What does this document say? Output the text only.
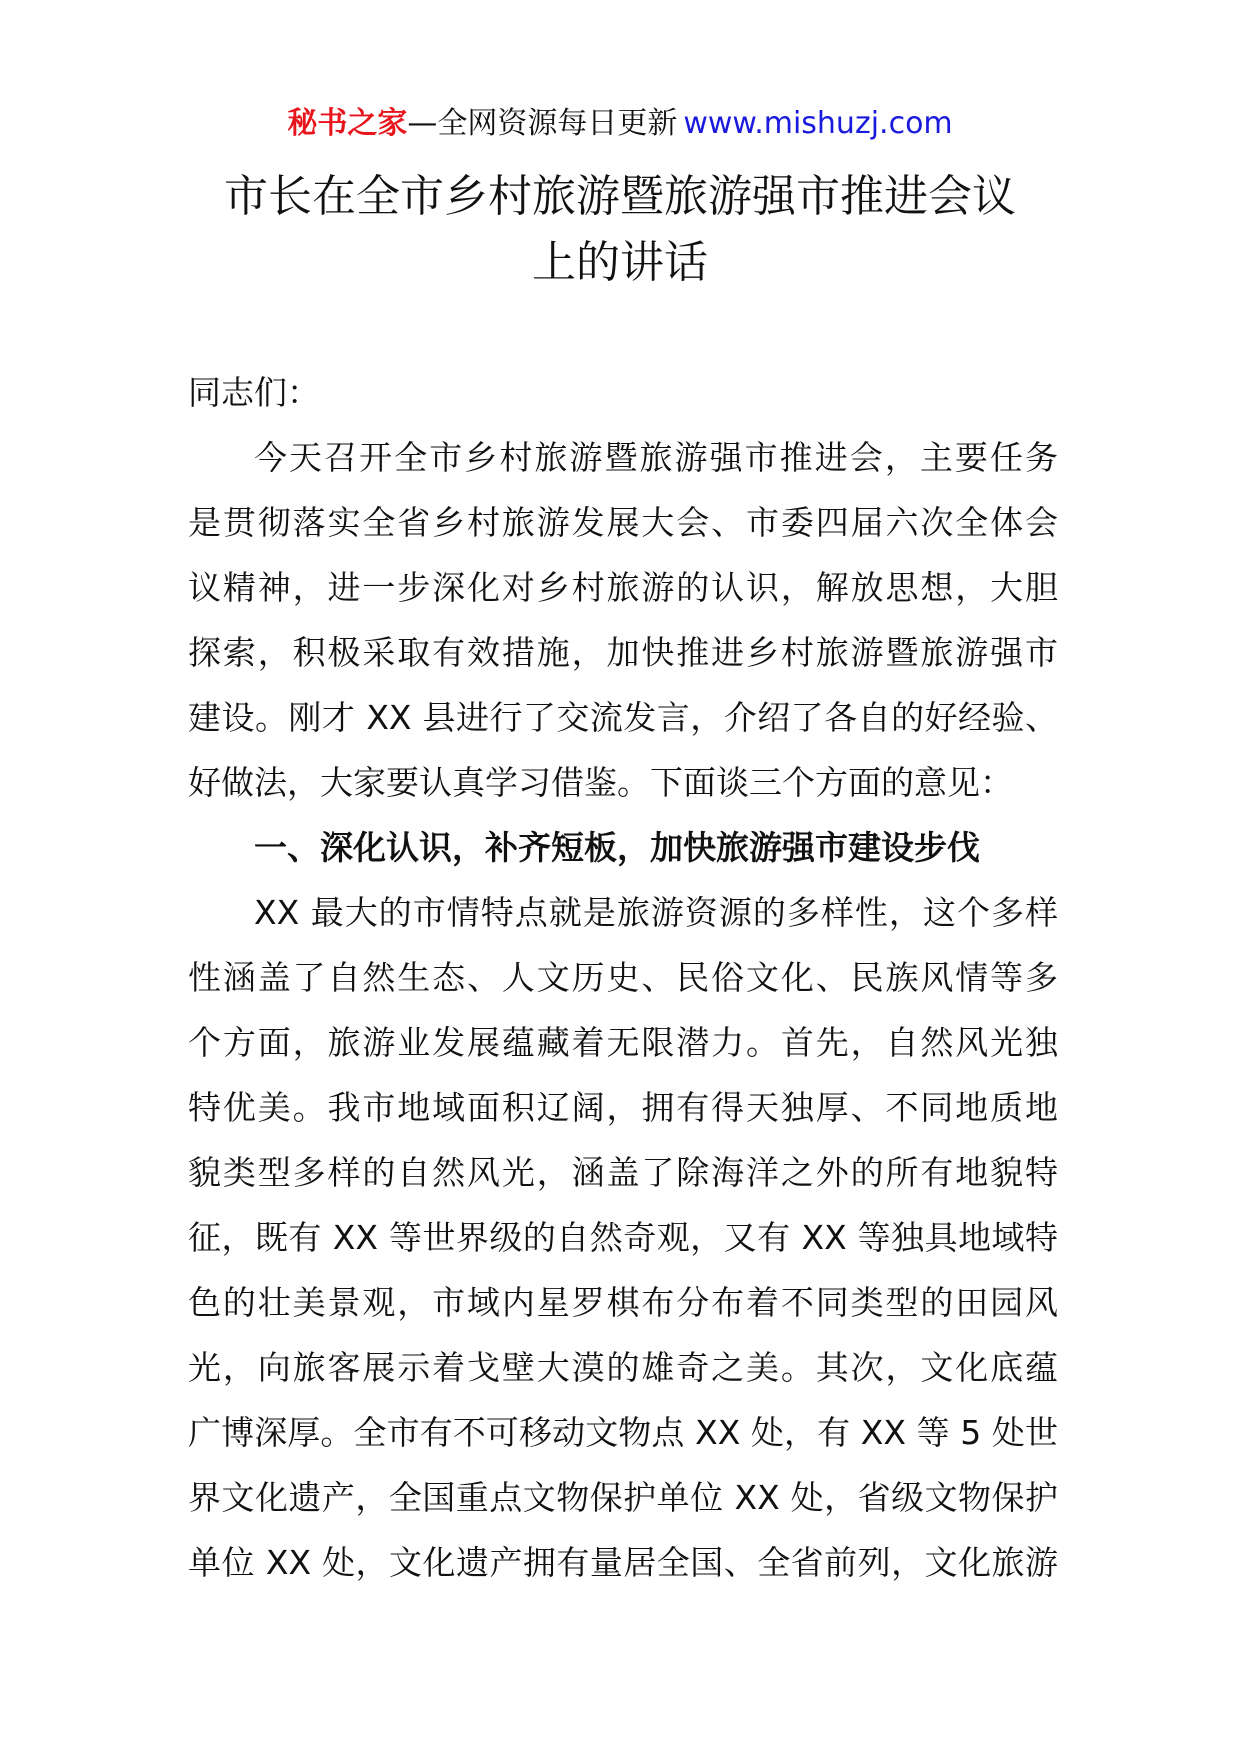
秘书之家—全网资源每日更新 www.mishuzj.com
市长在全市乡村旅游暨旅游强市推进会议
上的讲话
同志们：

今天召开全市乡村旅游暨旅游强市推进会，主要任务
是贯彻落实全省乡村旅游发展大会、市委四届六次全体会
议精神，进一步深化对乡村旅游的认识，解放思想，大胆
探索，积极采取有效措施，加快推进乡村旅游暨旅游强市
建设。刚才 XX 县进行了交流发言，介绍了各自的好经验、
好做法，大家要认真学习借鉴。下面谈三个方面的意见：

一、深化认识，补齐短板，加快旅游强市建设步伐

XX 最大的市情特点就是旅游资源的多样性，这个多样
性涵盖了自然生态、人文历史、民俗文化、民族风情等多
个方面，旅游业发展蕴藏着无限潜力。首先，自然风光独
特优美。我市地域面积辽阔，拥有得天独厚、不同地质地
貌类型多样的自然风光，涵盖了除海洋之外的所有地貌特
征，既有 XX 等世界级的自然奇观，又有 XX 等独具地域特
色的壮美景观，市域内星罗棋布分布着不同类型的田园风
光，向旅客展示着戈壁大漠的雄奇之美。其次，文化底蕴
广博深厚。全市有不可移动文物点 XX 处，有 XX 等 5 处世
界文化遗产，全国重点文物保护单位 XX 处，省级文物保护
单位 XX 处，文化遗产拥有量居全国、全省前列，文化旅游
